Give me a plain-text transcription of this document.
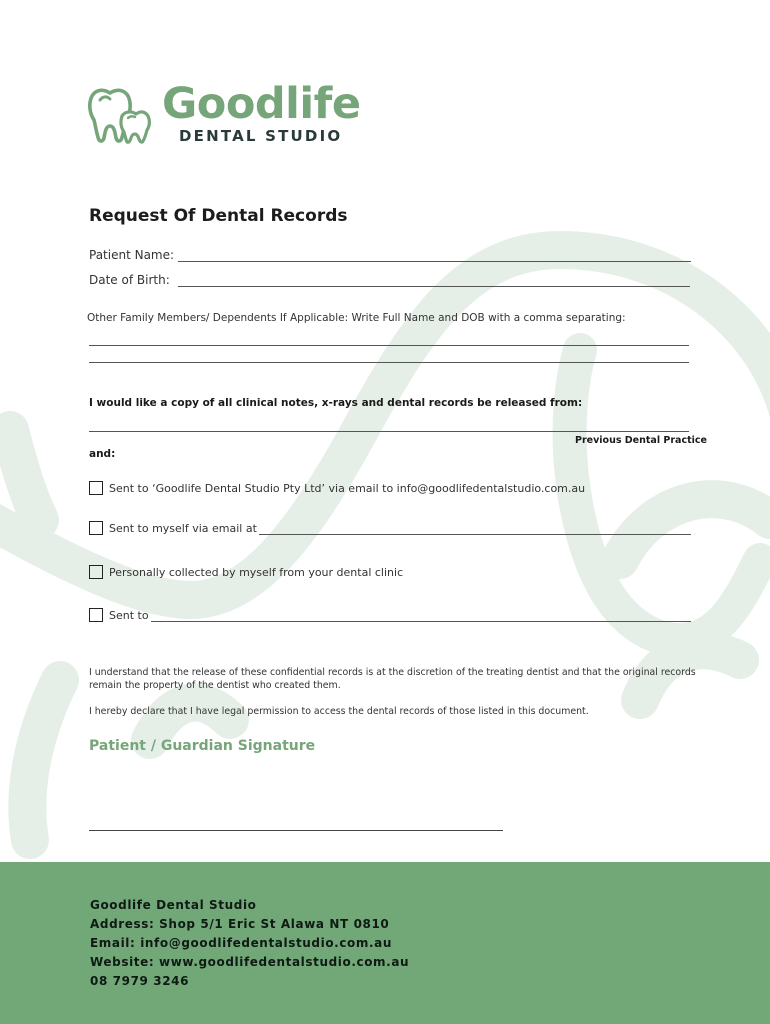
Goodlife
DENTAL STUDIO
Request Of Dental Records
Patient Name:
Date of Birth:
Other Family Members/ Dependents If Applicable: Write Full Name and DOB with a comma separating:
I would like a copy of all clinical notes, x-rays and dental records be released from:
Previous Dental Practice
and:
Sent to ‘Goodlife Dental Studio Pty Ltd’ via email to info@goodlifedentalstudio.com.au
Sent to myself via email at
Personally collected by myself from your dental clinic
Sent to
I understand that the release of these confidential records is at the discretion of the treating dentist and that the original records remain the property of the dentist who created them.
I hereby declare that I have legal permission to access the dental records of those listed in this document.
Patient / Guardian Signature
Goodlife Dental Studio
Address: Shop 5/1 Eric St Alawa NT 0810
Email: info@goodlifedentalstudio.com.au
Website: www.goodlifedentalstudio.com.au
08 7979 3246
